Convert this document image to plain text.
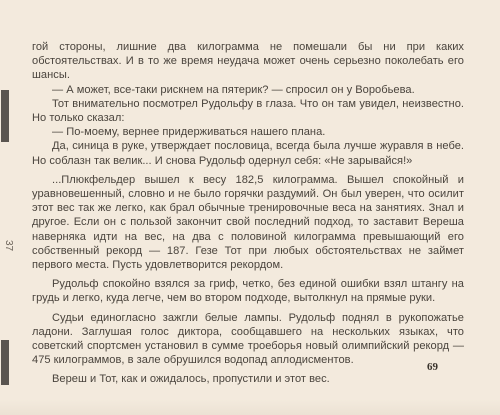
гой стороны, лишние два килограмма не помешали бы ни при каких обстоятельствах. И в то же время неудача может очень серьезно поколебать его шансы.

— А может, все-таки рискнем на пятерик? — спросил он у Воробьева.

Тот внимательно посмотрел Рудольфу в глаза. Что он там увидел, неизвестно. Но только сказал:

— По-моему, вернее придерживаться нашего плана.

Да, синица в руке, утверждает пословица, всегда была лучше журавля в небе. Но соблазн так велик... И снова Рудольф одернул себя: «Не зарывайся!»

...Плюкфельдер вышел к весу 182,5 килограмма. Вышел спокойный и уравновешенный, словно и не было горячки раздумий. Он был уверен, что осилит этот вес так же легко, как брал обычные тренировочные веса на занятиях. Знал и другое. Если он с пользой закончит свой последний подход, то заставит Вереша наверняка идти на вес, на два с половиной килограмма превышающий его собственный рекорд — 187. Гезе Тот при любых обстоятельствах не займет первого места. Пусть удовлетворится рекордом.

Рудольф спокойно взялся за гриф, четко, без единой ошибки взял штангу на грудь и легко, куда легче, чем во втором подходе, вытолкнул на прямые руки.

Судьи единогласно зажгли белые лампы. Рудольф поднял в рукопожатье ладони. Заглушая голос диктора, сообщавшего на нескольких языках, что советский спортсмен установил в сумме троеборья новый олимпийский рекорд — 475 килограммов, в зале обрушился водопад аплодисментов.

Вереш и Тот, как и ожидалось, пропустили и этот вес.

69
37
